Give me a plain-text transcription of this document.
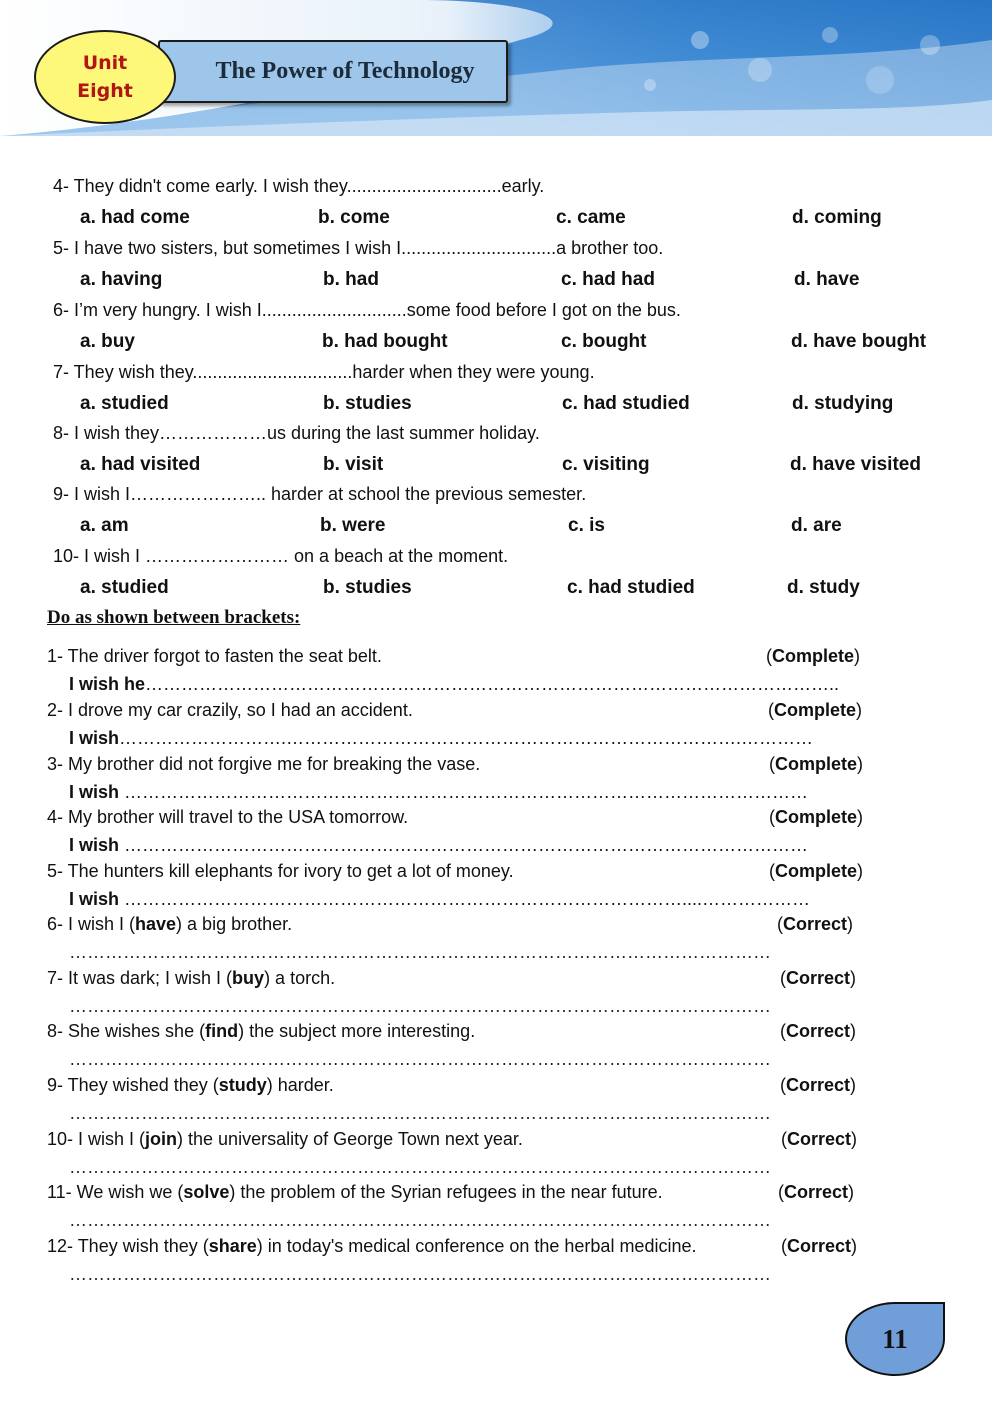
The Power of Technology
Unit
Eight
4- They didn't come early. I wish they...............................early.
a. had come	b. come	c. came	d. coming
5- I have two sisters, but sometimes I wish I...............................a brother too.
a. having	b. had	c. had had	d. have
6- I’m very hungry. I wish I.............................some food before I got on the bus.
a. buy	b. had bought	c. bought	d. have bought
7- They wish they................................harder when they were young.
a. studied	b. studies	c. had studied	d. studying
8- I wish they………………us during the last summer holiday.
a. had visited	b. visit	c. visiting	d. have visited
9- I wish I………………….. harder at school the previous semester.
a. am	b. were	c. is	d. are
10- I wish I …………………… on a beach at the moment.
a. studied	b. studies	c. had studied	d. study
Do as shown between brackets:
1- The driver forgot to fasten the seat belt.	(Complete)
I wish he……………………………………………………………………………………………………..
2- I drove my car crazily, so I had an accident.	(Complete)
I wish……………………….………………………………………………………………….…………
3- My brother did not forgive me for breaking the vase.	(Complete)
I wish ……………………………………………………………………………………………………
4- My brother will travel to the USA tomorrow.	(Complete)
I wish ……………………………………………………………………………………………………
5- The hunters kill elephants for ivory to get a lot of money.	(Complete)
I wish …………………………………………………………………………………....………………
6- I wish I (have) a big brother.	(Correct)
………………………………………………………………………………………………………
7- It was dark; I wish I (buy) a torch.	(Correct)
………………………………………………………………………………………………………
8- She wishes she (find) the subject more interesting.	(Correct)
………………………………………………………………………………………………………
9- They wished they (study) harder.	(Correct)
………………………………………………………………………………………………………
10- I wish I (join) the universality of George Town next year.	(Correct)
………………………………………………………………………………………………………
11- We wish we (solve) the problem of the Syrian refugees in the near future.	(Correct)
………………………………………………………………………………………………………
12- They wish they (share) in today's medical conference on the herbal medicine.	(Correct)
………………………………………………………………………………………………………
11
